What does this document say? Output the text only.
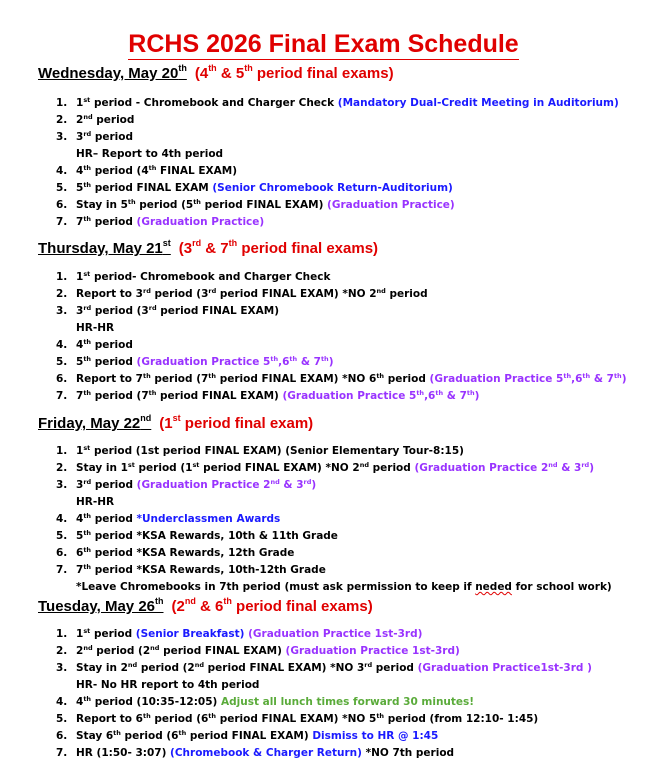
RCHS 2026 Final Exam Schedule
Wednesday, May 20th (4th & 5th period final exams)
1. 1st period - Chromebook and Charger Check (Mandatory Dual-Credit Meeting in Auditorium)
2. 2nd period
3. 3rd period
HR– Report to 4th period
4. 4th period (4th FINAL EXAM)
5. 5th period FINAL EXAM (Senior Chromebook Return-Auditorium)
6. Stay in 5th period (5th period FINAL EXAM) (Graduation Practice)
7. 7th period (Graduation Practice)
Thursday, May 21st (3rd & 7th period final exams)
1. 1st period- Chromebook and Charger Check
2. Report to 3rd period (3rd period FINAL EXAM) *NO 2nd period
3. 3rd period (3rd period FINAL EXAM)
HR-HR
4. 4th period
5. 5th period (Graduation Practice 5th,6th & 7th)
6. Report to 7th period (7th period FINAL EXAM) *NO 6th period (Graduation Practice 5th,6th & 7th)
7. 7th period (7th period FINAL EXAM) (Graduation Practice 5th,6th & 7th)
Friday, May 22nd (1st period final exam)
1. 1st period (1st period FINAL EXAM) (Senior Elementary Tour-8:15)
2. Stay in 1st period (1st period FINAL EXAM) *NO 2nd period (Graduation Practice 2nd & 3rd)
3. 3rd period (Graduation Practice 2nd & 3rd)
HR-HR
4. 4th period *Underclassmen Awards
5. 5th period *KSA Rewards, 10th & 11th Grade
6. 6th period *KSA Rewards, 12th Grade
7. 7th period *KSA Rewards, 10th-12th Grade
*Leave Chromebooks in 7th period (must ask permission to keep if neded for school work)
Tuesday, May 26th (2nd & 6th period final exams)
1. 1st period (Senior Breakfast) (Graduation Practice 1st-3rd)
2. 2nd period (2nd period FINAL EXAM) (Graduation Practice 1st-3rd)
3. Stay in 2nd period (2nd period FINAL EXAM) *NO 3rd period (Graduation Practice1st-3rd )
HR- No HR report to 4th period
4. 4th period (10:35-12:05) Adjust all lunch times forward 30 minutes!
5. Report to 6th period (6th period FINAL EXAM) *NO 5th period (from 12:10- 1:45)
6. Stay 6th period (6th period FINAL EXAM) Dismiss to HR @ 1:45
7. HR (1:50- 3:07) (Chromebook & Charger Return) *NO 7th period
